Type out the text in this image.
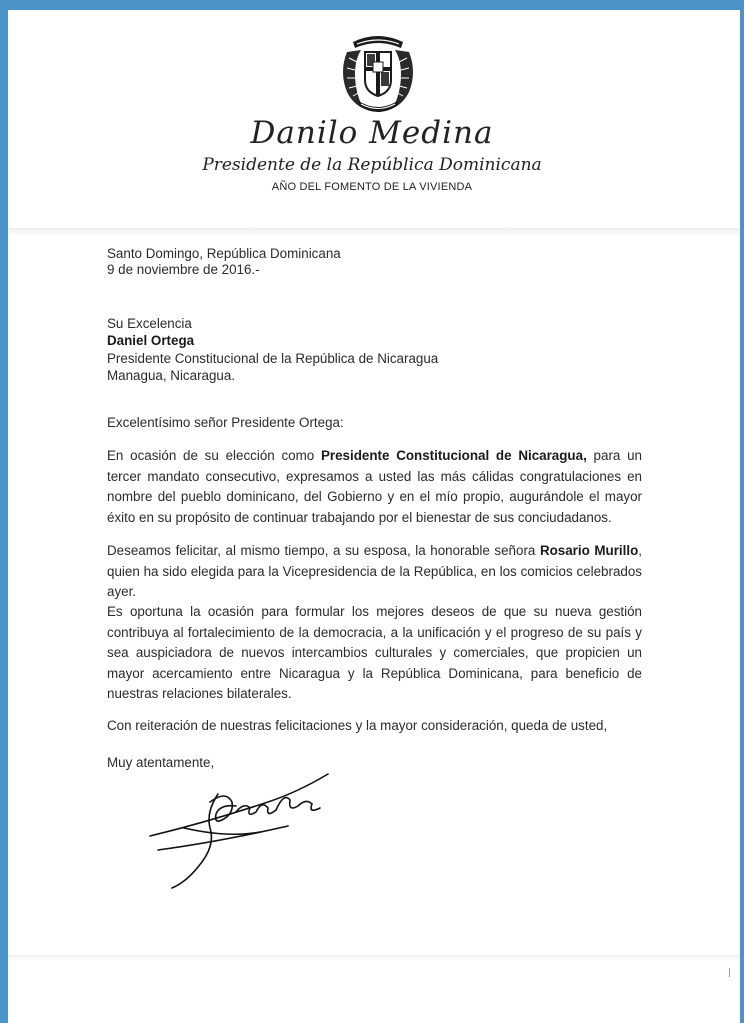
Danilo Medina
Presidente de la República Dominicana
AÑO DEL FOMENTO DE LA VIVIENDA
Santo Domingo, República Dominicana
9 de noviembre de 2016.-
Su Excelencia
Daniel Ortega
Presidente Constitucional de la República de Nicaragua
Managua, Nicaragua.
Excelentísimo señor Presidente Ortega:
En ocasión de su elección como Presidente Constitucional de Nicaragua, para un tercer mandato consecutivo, expresamos a usted las más cálidas congratulaciones en nombre del pueblo dominicano, del Gobierno y en el mío propio, augurándole el mayor éxito en su propósito de continuar trabajando por el bienestar de sus conciudadanos.
Deseamos felicitar, al mismo tiempo, a su esposa, la honorable señora Rosario Murillo, quien ha sido elegida para la Vicepresidencia de la República, en los comicios celebrados ayer.
Es oportuna la ocasión para formular los mejores deseos de que su nueva gestión contribuya al fortalecimiento de la democracia, a la unificación y el progreso de su país y sea auspiciadora de nuevos intercambios culturales y comerciales, que propicien un mayor acercamiento entre Nicaragua y la República Dominicana, para beneficio de nuestras relaciones bilaterales.
Con reiteración de nuestras felicitaciones y la mayor consideración, queda de usted,
Muy atentamente,
